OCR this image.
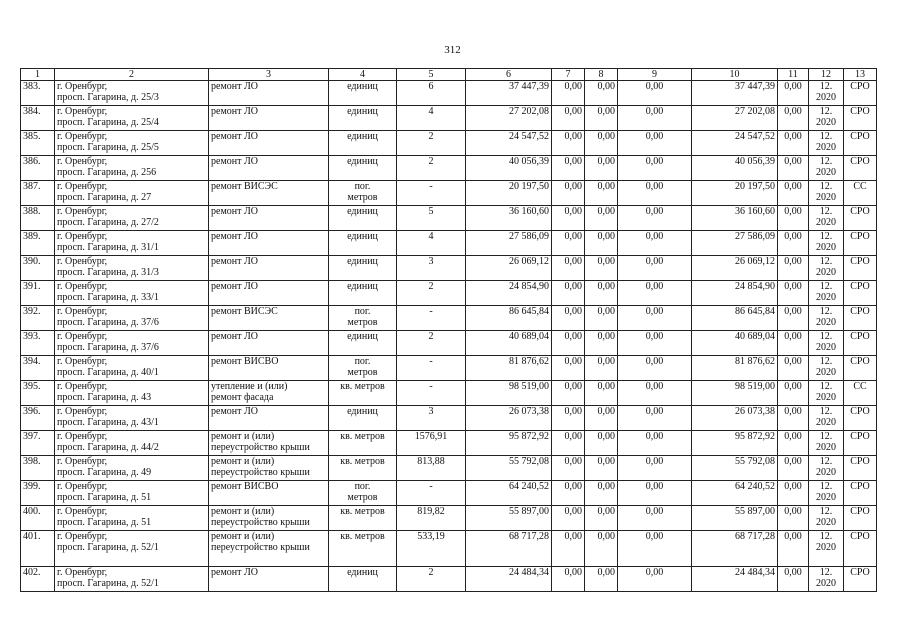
312
1	2	3	4	5	6	7	8	9	10	11	12	13
383.	г. Оренбург,
просп. Гагарина, д. 25/3	ремонт ЛО	единиц	6	37 447,39	0,00	0,00	0,00	37 447,39	0,00	12.
2020	СРО
384.	г. Оренбург,
просп. Гагарина, д. 25/4	ремонт ЛО	единиц	4	27 202,08	0,00	0,00	0,00	27 202,08	0,00	12.
2020	СРО
385.	г. Оренбург,
просп. Гагарина, д. 25/5	ремонт ЛО	единиц	2	24 547,52	0,00	0,00	0,00	24 547,52	0,00	12.
2020	СРО
386.	г. Оренбург,
просп. Гагарина, д. 256	ремонт ЛО	единиц	2	40 056,39	0,00	0,00	0,00	40 056,39	0,00	12.
2020	СРО
387.	г. Оренбург,
просп. Гагарина, д. 27	ремонт ВИСЭС	пог.
метров	-	20 197,50	0,00	0,00	0,00	20 197,50	0,00	12.
2020	СС
388.	г. Оренбург,
просп. Гагарина, д. 27/2	ремонт ЛО	единиц	5	36 160,60	0,00	0,00	0,00	36 160,60	0,00	12.
2020	СРО
389.	г. Оренбург,
просп. Гагарина, д. 31/1	ремонт ЛО	единиц	4	27 586,09	0,00	0,00	0,00	27 586,09	0,00	12.
2020	СРО
390.	г. Оренбург,
просп. Гагарина, д. 31/3	ремонт ЛО	единиц	3	26 069,12	0,00	0,00	0,00	26 069,12	0,00	12.
2020	СРО
391.	г. Оренбург,
просп. Гагарина, д. 33/1	ремонт ЛО	единиц	2	24 854,90	0,00	0,00	0,00	24 854,90	0,00	12.
2020	СРО
392.	г. Оренбург,
просп. Гагарина, д. 37/6	ремонт ВИСЭС	пог.
метров	-	86 645,84	0,00	0,00	0,00	86 645,84	0,00	12.
2020	СРО
393.	г. Оренбург,
просп. Гагарина, д. 37/6	ремонт ЛО	единиц	2	40 689,04	0,00	0,00	0,00	40 689,04	0,00	12.
2020	СРО
394.	г. Оренбург,
просп. Гагарина, д. 40/1	ремонт ВИСВО	пог.
метров	-	81 876,62	0,00	0,00	0,00	81 876,62	0,00	12.
2020	СРО
395.	г. Оренбург,
просп. Гагарина, д. 43	утепление и (или)
ремонт фасада	кв. метров	-	98 519,00	0,00	0,00	0,00	98 519,00	0,00	12.
2020	СС
396.	г. Оренбург,
просп. Гагарина, д. 43/1	ремонт ЛО	единиц	3	26 073,38	0,00	0,00	0,00	26 073,38	0,00	12.
2020	СРО
397.	г. Оренбург,
просп. Гагарина, д. 44/2	ремонт и (или)
переустройство крыши	кв. метров	1576,91	95 872,92	0,00	0,00	0,00	95 872,92	0,00	12.
2020	СРО
398.	г. Оренбург,
просп. Гагарина, д. 49	ремонт и (или)
переустройство крыши	кв. метров	813,88	55 792,08	0,00	0,00	0,00	55 792,08	0,00	12.
2020	СРО
399.	г. Оренбург,
просп. Гагарина, д. 51	ремонт ВИСВО	пог.
метров	-	64 240,52	0,00	0,00	0,00	64 240,52	0,00	12.
2020	СРО
400.	г. Оренбург,
просп. Гагарина, д. 51	ремонт и (или)
переустройство крыши	кв. метров	819,82	55 897,00	0,00	0,00	0,00	55 897,00	0,00	12.
2020	СРО
401.	г. Оренбург,
просп. Гагарина, д. 52/1	ремонт и (или)
переустройство крыши	кв. метров	533,19	68 717,28	0,00	0,00	0,00	68 717,28	0,00	12.
2020	СРО
402.	г. Оренбург,
просп. Гагарина, д. 52/1	ремонт ЛО	единиц	2	24 484,34	0,00	0,00	0,00	24 484,34	0,00	12.
2020	СРО
